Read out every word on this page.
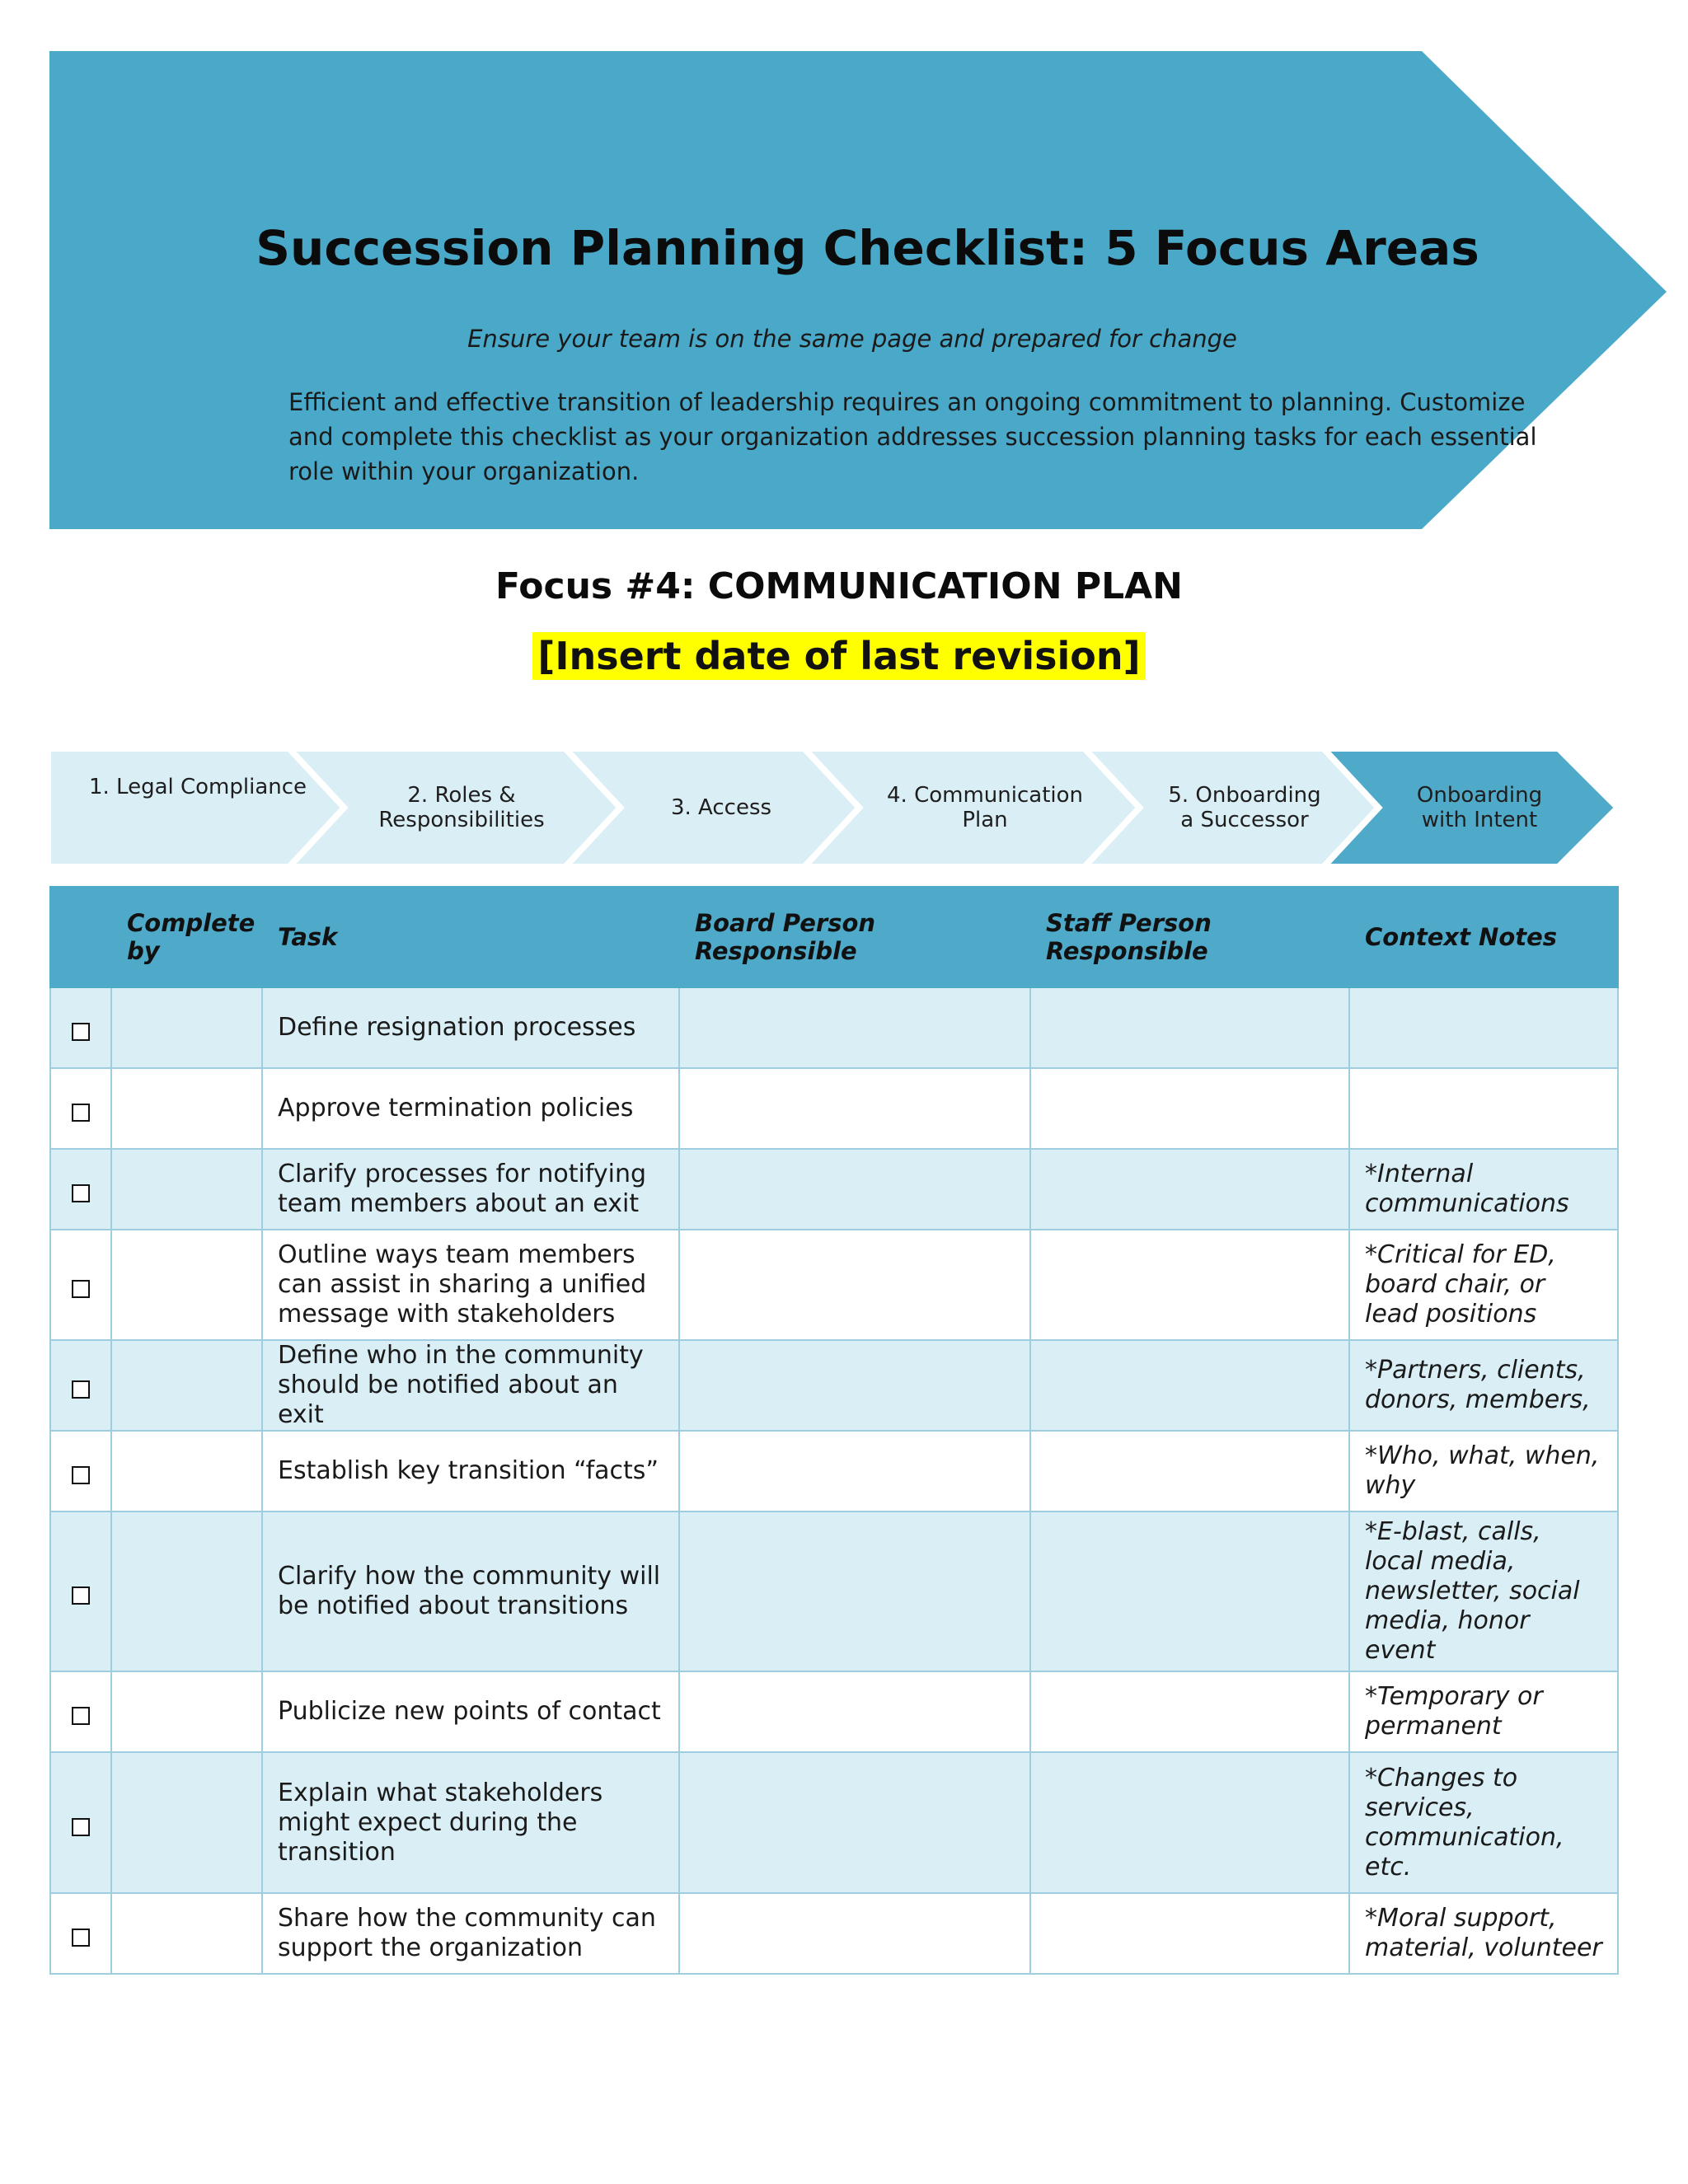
Succession Planning Checklist: 5 Focus Areas
Ensure your team is on the same page and prepared for change
Efficient and effective transition of leadership requires an ongoing commitment to planning. Customize and complete this checklist as your organization addresses succession planning tasks for each essential role within your organization.
Focus #4: COMMUNICATION PLAN
[Insert date of last revision]
1. Legal Compliance	2. Roles &
Responsibilities	3. Access	4. Communication
Plan
5. Onboarding
a Successor
Onboarding
with Intent
	Complete by	Task	Board Person Responsible	Staff Person Responsible	Context Notes

		Define resignation processes			

		Approve termination policies			

		Clarify processes for notifying team members about an exit			*Internal communications

		Outline ways team members can assist in sharing a unified message with stakeholders			*Critical for ED, board chair, or lead positions

		Define who in the community should be notified about an exit			*Partners, clients, donors, members,

		Establish key transition “facts”			*Who, what, when, why

		Clarify how the community will be notified about transitions			*E-blast, calls, local media, newsletter, social media, honor event

		Publicize new points of contact			*Temporary or permanent

		Explain what stakeholders might expect during the transition			*Changes to services, communication, etc.

		Share how the community can support the organization			*Moral support, material, volunteer
